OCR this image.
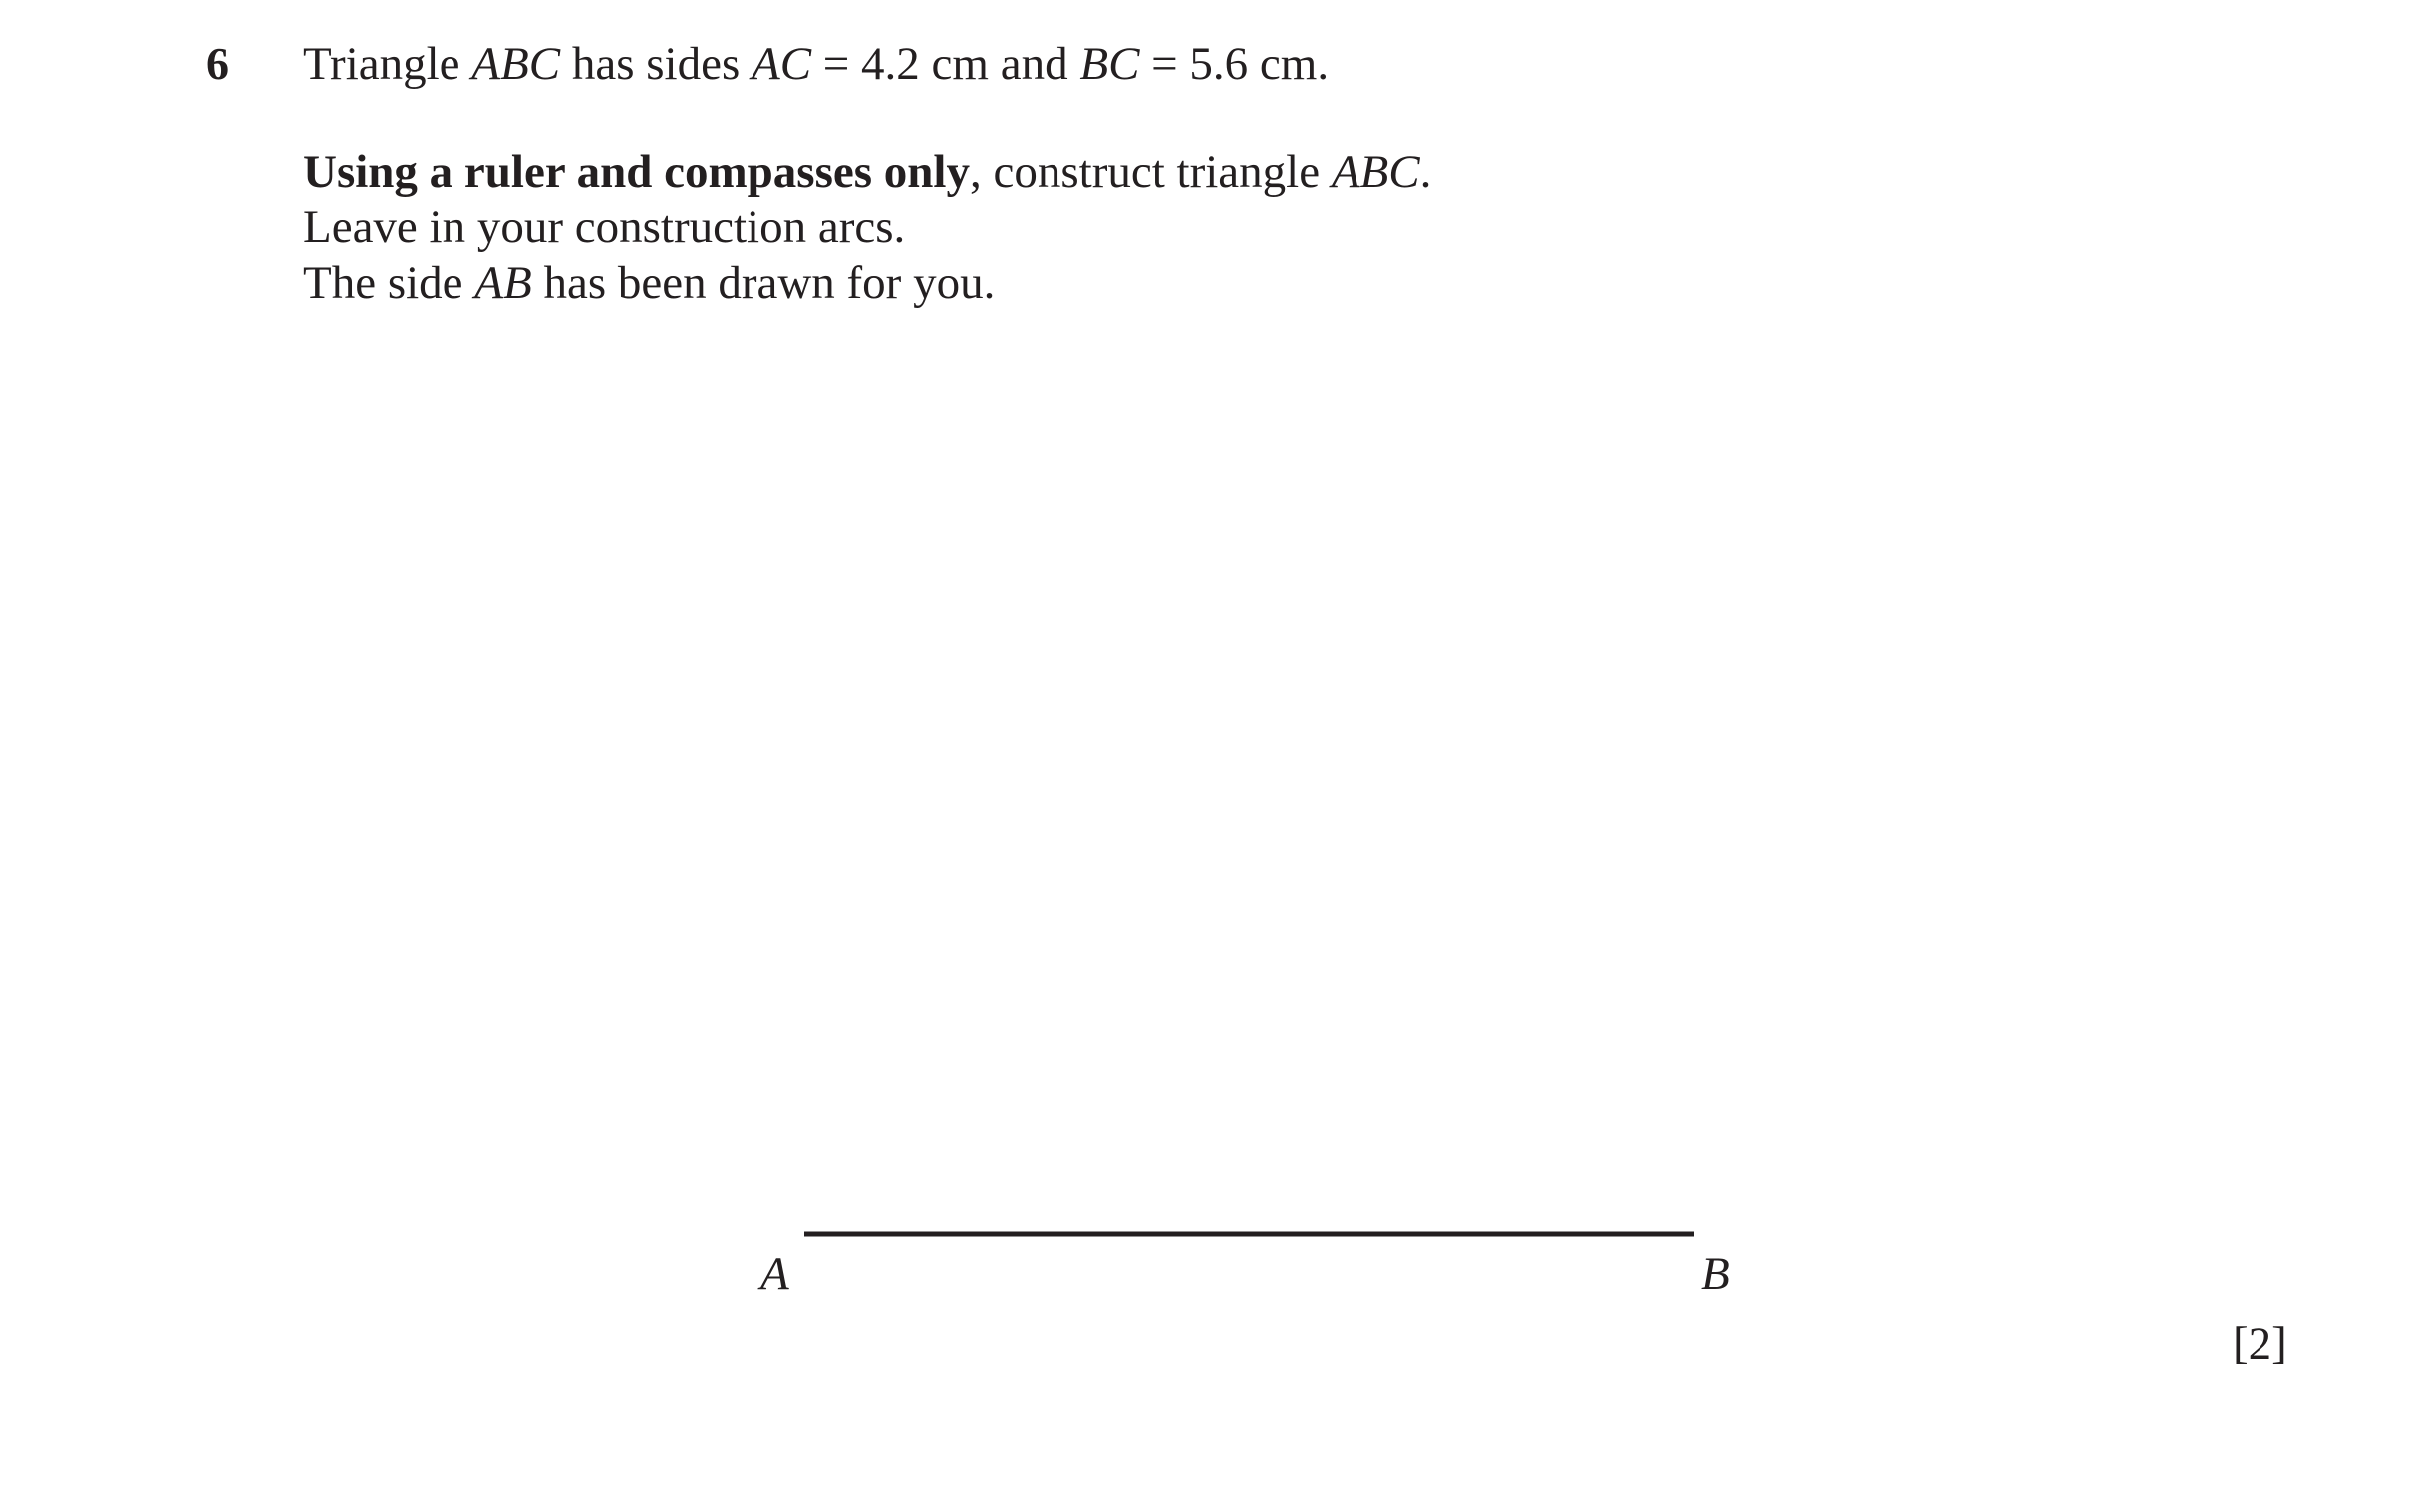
6 Triangle ABC has sides AC = 4.2 cm and BC = 5.6 cm.
Using a ruler and compasses only, construct triangle ABC.
Leave in your construction arcs.
The side AB has been drawn for you.
A	B
[2]
